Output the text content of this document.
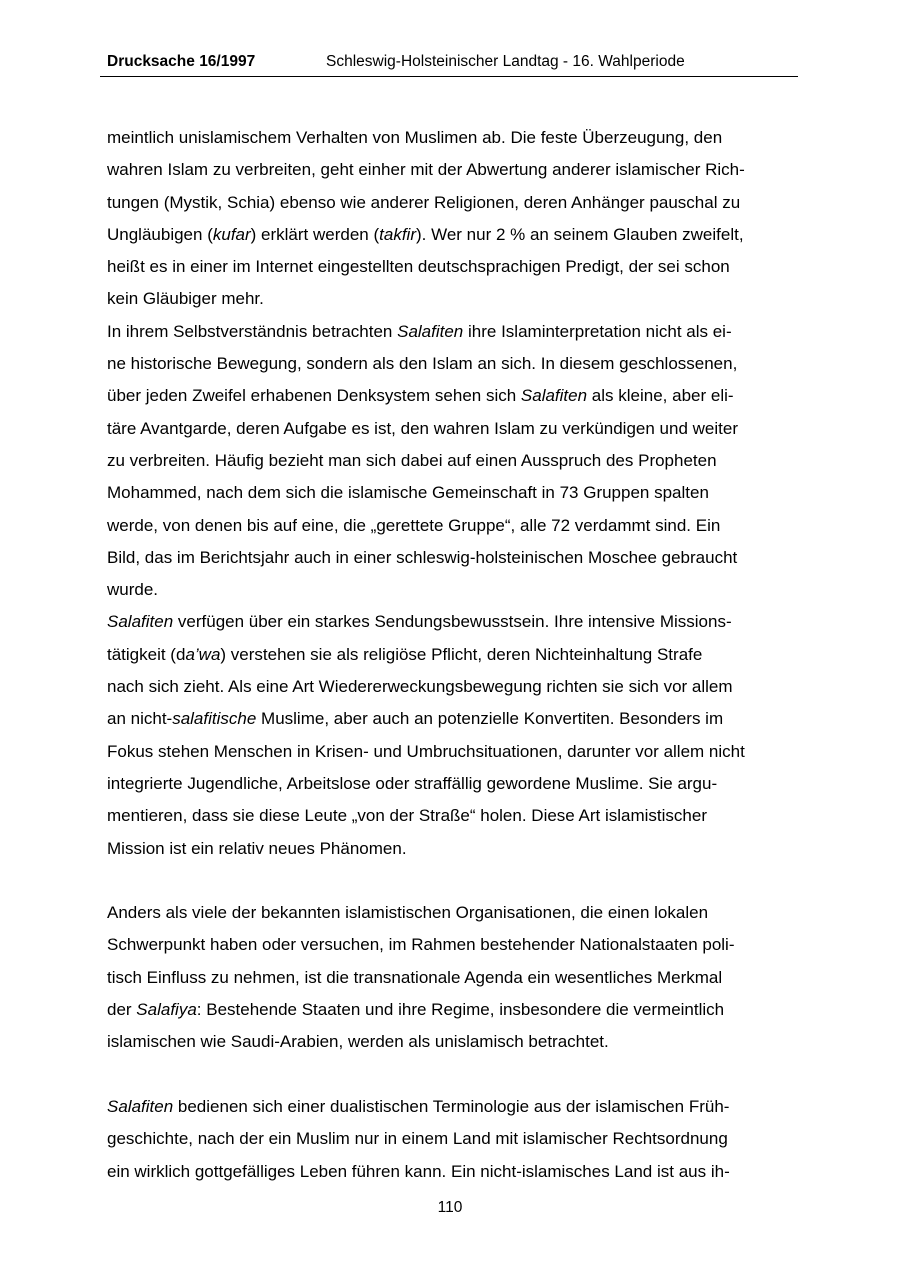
Drucksache 16/1997	Schleswig-Holsteinischer Landtag - 16. Wahlperiode

meintlich unislamischem Verhalten von Muslimen ab. Die feste Überzeugung, den
wahren Islam zu verbreiten, geht einher mit der Abwertung anderer islamischer Rich-
tungen (Mystik, Schia) ebenso wie anderer Religionen, deren Anhänger pauschal zu
Ungläubigen (kufar) erklärt werden (takfir). Wer nur 2 % an seinem Glauben zweifelt,
heißt es in einer im Internet eingestellten deutschsprachigen Predigt, der sei schon
kein Gläubiger mehr.

In ihrem Selbstverständnis betrachten Salafiten ihre Islaminterpretation nicht als ei-
ne historische Bewegung, sondern als den Islam an sich. In diesem geschlossenen,
über jeden Zweifel erhabenen Denksystem sehen sich Salafiten als kleine, aber eli-
täre Avantgarde, deren Aufgabe es ist, den wahren Islam zu verkündigen und weiter
zu verbreiten. Häufig bezieht man sich dabei auf einen Ausspruch des Propheten
Mohammed, nach dem sich die islamische Gemeinschaft in 73 Gruppen spalten
werde, von denen bis auf eine, die „gerettete Gruppe“, alle 72 verdammt sind. Ein
Bild, das im Berichtsjahr auch in einer schleswig-holsteinischen Moschee gebraucht
wurde.

Salafiten verfügen über ein starkes Sendungsbewusstsein. Ihre intensive Missions-
tätigkeit (da’wa) verstehen sie als religiöse Pflicht, deren Nichteinhaltung Strafe
nach sich zieht. Als eine Art Wiedererweckungsbewegung richten sie sich vor allem
an nicht-salafitische Muslime, aber auch an potenzielle Konvertiten. Besonders im
Fokus stehen Menschen in Krisen- und Umbruchsituationen, darunter vor allem nicht
integrierte Jugendliche, Arbeitslose oder straffällig gewordene Muslime. Sie argu-
mentieren, dass sie diese Leute „von der Straße“ holen. Diese Art islamistischer
Mission ist ein relativ neues Phänomen.

Anders als viele der bekannten islamistischen Organisationen, die einen lokalen
Schwerpunkt haben oder versuchen, im Rahmen bestehender Nationalstaaten poli-
tisch Einfluss zu nehmen, ist die transnationale Agenda ein wesentliches Merkmal
der Salafiya: Bestehende Staaten und ihre Regime, insbesondere die vermeintlich
islamischen wie Saudi-Arabien, werden als unislamisch betrachtet.

Salafiten bedienen sich einer dualistischen Terminologie aus der islamischen Früh-
geschichte, nach der ein Muslim nur in einem Land mit islamischer Rechtsordnung
ein wirklich gottgefälliges Leben führen kann. Ein nicht-islamisches Land ist aus ih-

110
